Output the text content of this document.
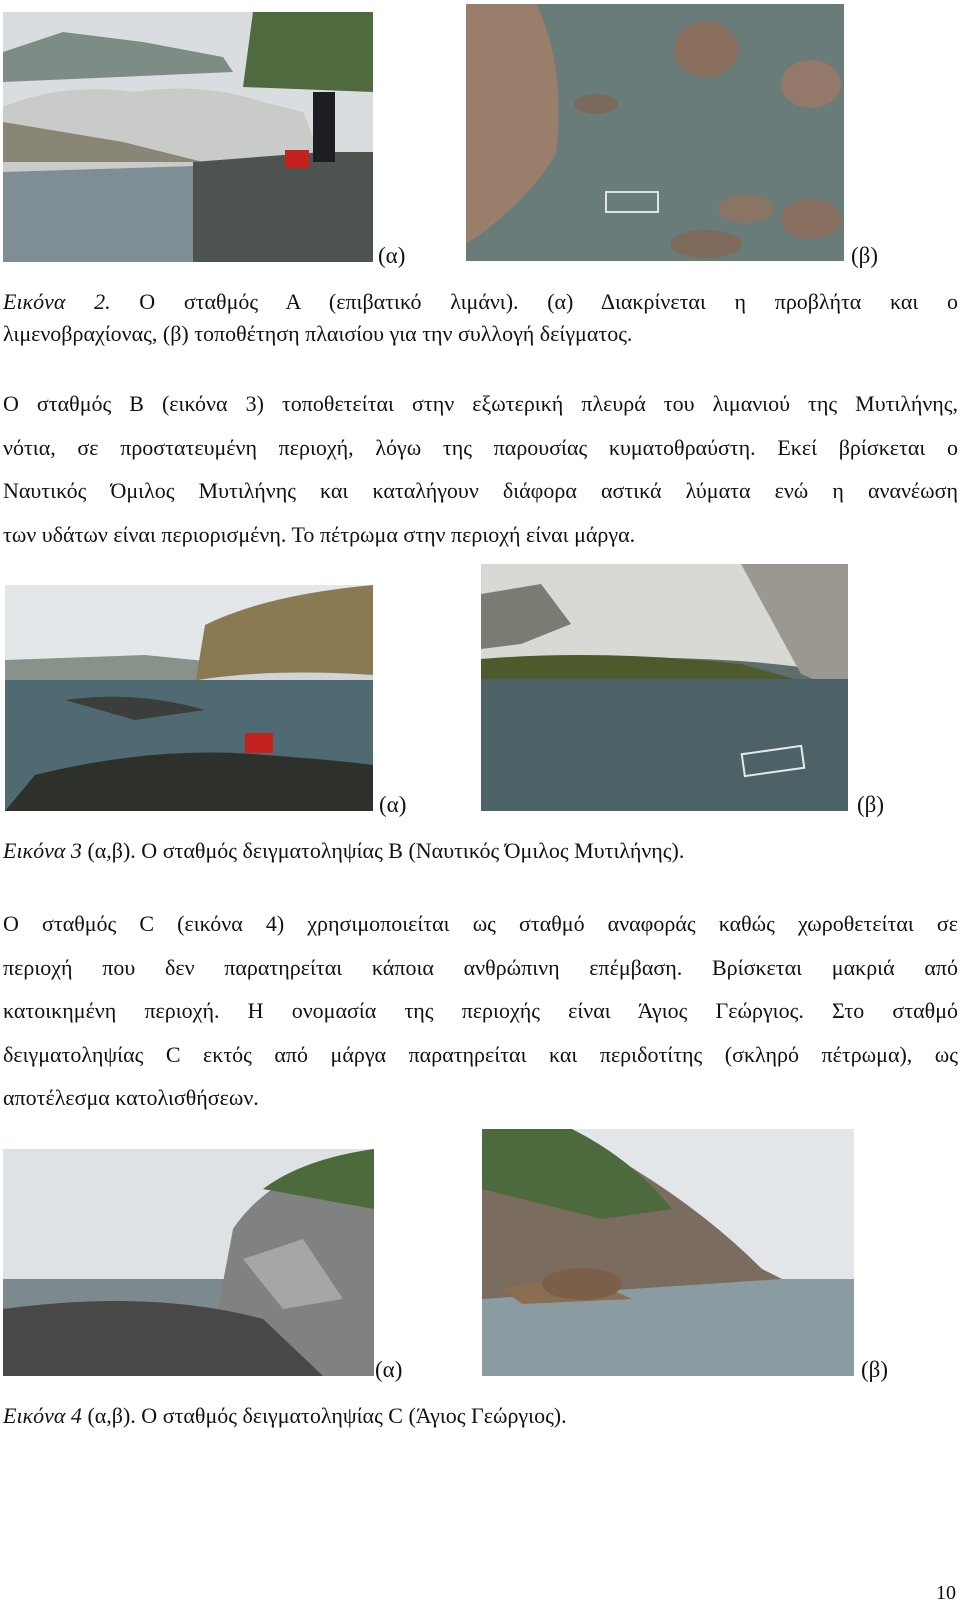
(α)	(β)
Εικόνα 2. Ο σταθμός Α (επιβατικό λιμάνι). (α) Διακρίνεται η προβλήτα και ο
λιμενοβραχίονας, (β) τοποθέτηση πλαισίου για την συλλογή δείγματος.
Ο σταθμός Β (εικόνα 3) τοποθετείται στην εξωτερική πλευρά του λιμανιού της Μυτιλήνης,
νότια, σε προστατευμένη περιοχή, λόγω της παρουσίας κυματοθραύστη. Εκεί βρίσκεται ο
Ναυτικός Όμιλος Μυτιλήνης και καταλήγουν διάφορα αστικά λύματα ενώ η ανανέωση
των υδάτων είναι περιορισμένη. Το πέτρωμα στην περιοχή είναι μάργα.
(α)	(β)
Εικόνα 3 (α,β). Ο σταθμός δειγματοληψίας Β (Ναυτικός Όμιλος Μυτιλήνης).
Ο σταθμός C (εικόνα 4) χρησιμοποιείται ως σταθμό αναφοράς καθώς χωροθετείται σε
περιοχή που δεν παρατηρείται κάποια ανθρώπινη επέμβαση. Βρίσκεται μακριά από
κατοικημένη περιοχή. Η ονομασία της περιοχής είναι Άγιος Γεώργιος. Στο σταθμό
δειγματοληψίας C εκτός από μάργα παρατηρείται και περιδοτίτης (σκληρό πέτρωμα), ως
αποτέλεσμα κατολισθήσεων.
(α)	(β)
Εικόνα 4 (α,β). Ο σταθμός δειγματοληψίας C (Άγιος Γεώργιος).
10
